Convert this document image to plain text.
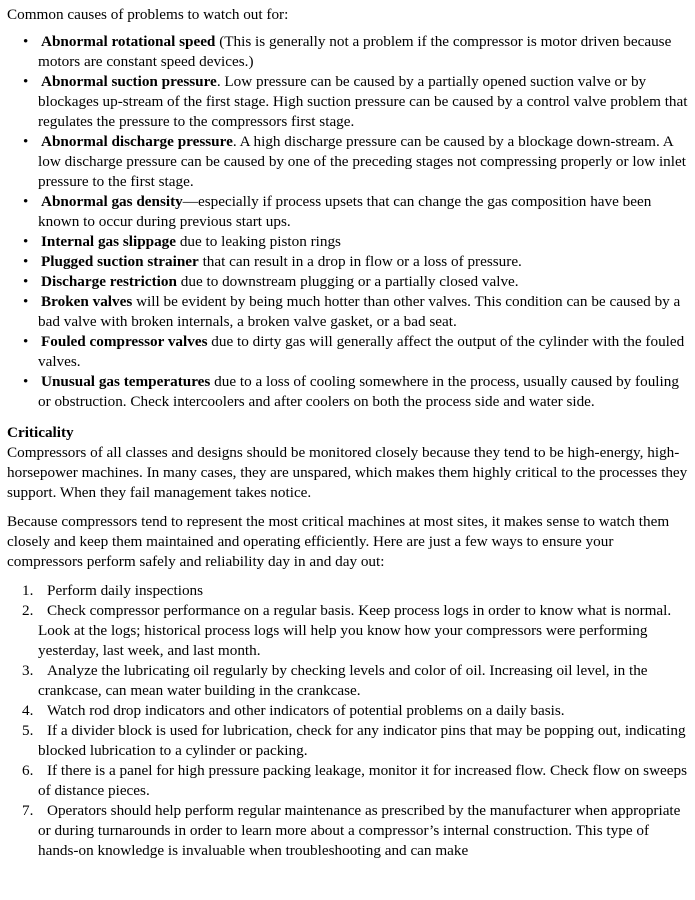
Common causes of problems to watch out for:

• Abnormal rotational speed (This is generally not a problem if the compressor is motor driven because motors are constant speed devices.)
• Abnormal suction pressure. Low pressure can be caused by a partially opened suction valve or by blockages up-stream of the first stage. High suction pressure can be caused by a control valve problem that regulates the pressure to the compressors first stage.
• Abnormal discharge pressure. A high discharge pressure can be caused by a blockage down-stream. A low discharge pressure can be caused by one of the preceding stages not compressing properly or low inlet pressure to the first stage.
• Abnormal gas density—especially if process upsets that can change the gas composition have been known to occur during previous start ups.
• Internal gas slippage due to leaking piston rings
• Plugged suction strainer that can result in a drop in flow or a loss of pressure.
• Discharge restriction due to downstream plugging or a partially closed valve.
• Broken valves will be evident by being much hotter than other valves. This condition can be caused by a bad valve with broken internals, a broken valve gasket, or a bad seat.
• Fouled compressor valves due to dirty gas will generally affect the output of the cylinder with the fouled valves.
• Unusual gas temperatures due to a loss of cooling somewhere in the process, usually caused by fouling or obstruction. Check intercoolers and after coolers on both the process side and water side.

Criticality

Compressors of all classes and designs should be monitored closely because they tend to be high-energy, high-horsepower machines. In many cases, they are unspared, which makes them highly critical to the processes they support. When they fail management takes notice.

Because compressors tend to represent the most critical machines at most sites, it makes sense to watch them closely and keep them maintained and operating efficiently. Here are just a few ways to ensure your compressors perform safely and reliability day in and day out:

1. Perform daily inspections
2. Check compressor performance on a regular basis. Keep process logs in order to know what is normal. Look at the logs; historical process logs will help you know how your compressors were performing yesterday, last week, and last month.
3. Analyze the lubricating oil regularly by checking levels and color of oil. Increasing oil level, in the crankcase, can mean water building in the crankcase.
4. Watch rod drop indicators and other indicators of potential problems on a daily basis.
5. If a divider block is used for lubrication, check for any indicator pins that may be popping out, indicating blocked lubrication to a cylinder or packing.
6. If there is a panel for high pressure packing leakage, monitor it for increased flow. Check flow on sweeps of distance pieces.
7. Operators should help perform regular maintenance as prescribed by the manufacturer when appropriate or during turnarounds in order to learn more about a compressor’s internal construction. This type of hands-on knowledge is invaluable when troubleshooting and can make
